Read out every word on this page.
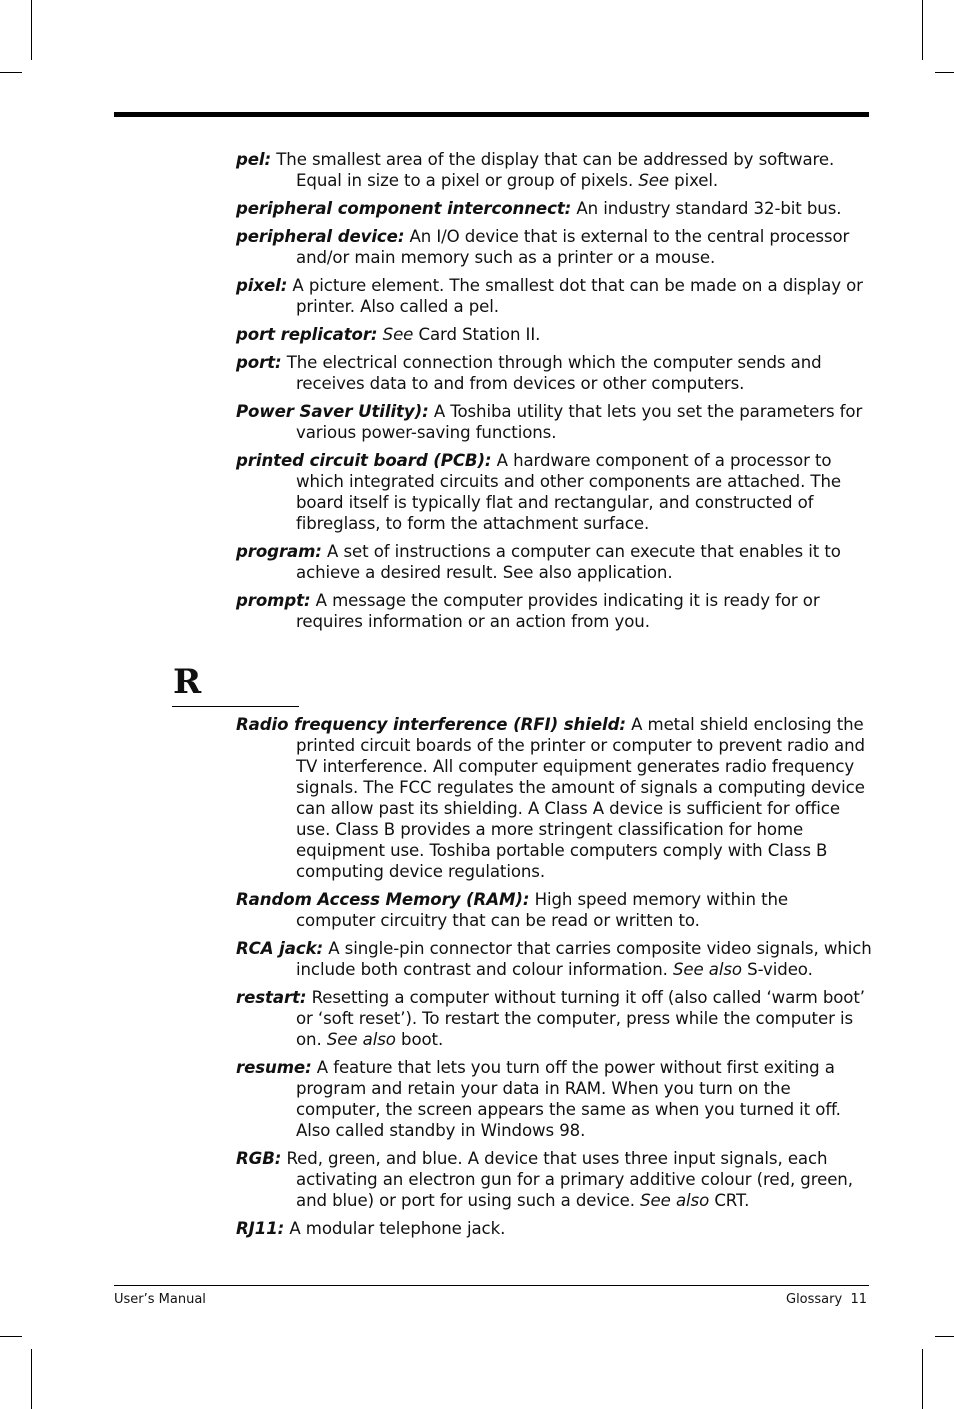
pel: The smallest area of the display that can be addressed by software. Equal in size to a pixel or group of pixels. See pixel.
peripheral component interconnect: An industry standard 32-bit bus.
peripheral device: An I/O device that is external to the central processor and/or main memory such as a printer or a mouse.
pixel: A picture element. The smallest dot that can be made on a display or printer. Also called a pel.
port replicator: See Card Station II.
port: The electrical connection through which the computer sends and receives data to and from devices or other computers.
Power Saver Utility): A Toshiba utility that lets you set the parameters for various power-saving functions.
printed circuit board (PCB): A hardware component of a processor to which integrated circuits and other components are attached. The board itself is typically flat and rectangular, and constructed of fibreglass, to form the attachment surface.
program: A set of instructions a computer can execute that enables it to achieve a desired result. See also application.
prompt: A message the computer provides indicating it is ready for or requires information or an action from you.
R
Radio frequency interference (RFI) shield: A metal shield enclosing the printed circuit boards of the printer or computer to prevent radio and TV interference. All computer equipment generates radio frequency signals. The FCC regulates the amount of signals a computing device can allow past its shielding. A Class A device is sufficient for office use. Class B provides a more stringent classification for home equipment use. Toshiba portable computers comply with Class B computing device regulations.
Random Access Memory (RAM): High speed memory within the computer circuitry that can be read or written to.
RCA jack: A single-pin connector that carries composite video signals, which include both contrast and colour information. See also S-video.
restart: Resetting a computer without turning it off (also called ‘warm boot’ or ‘soft reset’). To restart the computer, press while the computer is on. See also boot.
resume: A feature that lets you turn off the power without first exiting a program and retain your data in RAM. When you turn on the computer, the screen appears the same as when you turned it off. Also called standby in Windows 98.
RGB: Red, green, and blue. A device that uses three input signals, each activating an electron gun for a primary additive colour (red, green, and blue) or port for using such a device. See also CRT.
RJ11: A modular telephone jack.
User’s Manual	Glossary  11
